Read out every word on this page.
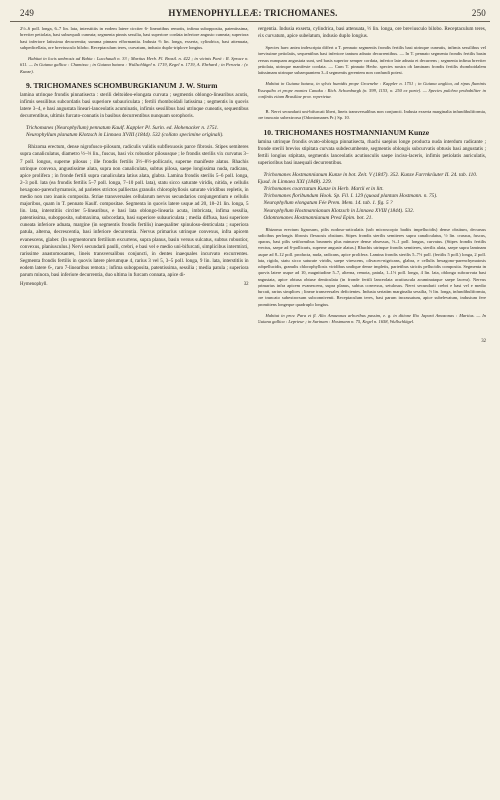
249	HYMENOPHYLLEÆ: TRICHOMANES.	250

2½–6 poll. longa, 6–7 lin. lata, interstitiis in eodem latere circiter 6- lineariibus remotis, infima subopposita, patentissima, breviter petiolata, basi subsequali cuneata; segmenta pinnis sessilia, basi superiore cordata inferiore angusto cuneata; superiora basi inferiore latissima decurrentia; summa pinnam efformantia. Indusia ⅔ lin. longa, exserta, cylindrica, basi attenuata, subpedicellata, ore breviusculo bilobo. Receptaculum teres, curvatum, indusio duplo-triplove longius.

Habitat in locis umbrosis ad Bahia : Lucchaudi n. 33 ; Martius Herb. Fl. Brasil. n. 422 ; in vicinis Pará : R. Spruce n. 611. — In Guiana gallica : Chamisso ; in Guiana batava : Wullschlägel n. 1719, Kegel n. 1719, A. Ehrhard ; in Peruvia : (v. Kunze).

9. TRICHOMANES SCHOMBURGKIANUM J. W. Sturm

lamina utrinque frondis pinnatisecta : sterili deltoideo-elongata curvata ; segmentis oblongo-linearibus acutis, infimis sessilibus subcordatis basi superiore subauriculata ; fertili rhomboidali latissima ; segmentis in quovis latere 3–4, e basi angustata lineari-lanceolatis acuminatis, infimis sessilibus basi utrinque cuneatis, sequentibus decurrentibus, ultimis furcato-connatis in basibus decurrentibus nunquam sorophoris.

Trichomanes (Neurophyllum) pennatum Kaulf. Kappler Pl. Surin. ed. Hohenacker n. 1751.
Neurophyllum planatum Klotzsch in Linnaea XVIII (1844). 532 (collato specimine originali).

Rhizoma erectum, dense nigrofusco-pilosum, radiculis validis subflexuosis parce fibrosis. Stipes semiteres supra canaliculatus, diametro ½–⅔ lin., fuscus, basi vix robustior pilosusque ; le frondis sterilis vix curvatus 3–7 poll. longus, superne pilosus ; ille frondis fertilis 3½–8½-pollicaris, superne manifeste alatus. Rhachis utrinque convexa, angustissime alata, supra non canaliculata, subtus pilosa, saepe longissima nuda, radicans, apice prolifera ; in fronde fertili supra canaliculata latius alata, glabra. Lamina frondis sterilis 5–6 poll. longa, 2–3 poll. lata (ea frondis fertilis 5–7 poll. longa, 7–10 poll. lata), statu sicco saturate viridis, nitida, e cellulis hexagono-parenchymatosis, ad parietes strictos palliectas granulis chlorophyllosis saturate viridibus repletis, in medio non raro inanis composita. Striae transversales cellularum nervos secundarios conjungentium e cellulis majoribus, quam in T. pennato Kaulf. compositae. Segmenta in quovis latere usque ad 20, 18–21 lin. longa, 5 lin. lata, interstitiis circiter 5-linearibus, e basi lata oblongo-linearia acuta, imbricata, infima sessilia, patentissima, subopposita, submaxima, subcordata, basi superiore subauriculata ; media diffusa, basi superiore cuneata inferiore adnata, margine (in segmentis frondis fertilis) inaequaliter spinuloso-denticulata ; superiora patula, alterna, decrescentia, basi inferiore decurrentia. Nervus primarius utrinque convexus, infra apicem evanescens, glaber. (In segmentorum fertilium excurrens, supra planus, basin versus sulcatus, subtus robustior, convexus, planiusculus.) Nervi secundarii paulli, crebri, e basi vel e medio uni-bifurcati, simplicibus intermixti, rarissime anastomosantes, lineis transversalibus conjuncti, in dentes inaequales incurvato excurrentes. Segmenta frondis fertilis in quovis latere plerumque 4, rarius 3 vel 5, 3–5 poll. longa, 9 lin. lata, interstitiis in eodem latere 6-, raro 7-linearibus remota ; infima subopposita, patentissima, sessilia ; media patula ; superiora parum minora, basi inferiore decurrentia, duo ultima in furcam connata, apice di-

Hymenophyll.	32

vergentia. Indusia exserta, cylindrica, basi attenuata, ½ lin. longa, ore breviusculo bilobo. Receptaculum teres, vix curvatum, apice subelatum, indusio duplo longius.

Species haec antea indescripta differt a T. pennato segmentis frondis fertilis basi utrinque cuneatis, infimis sessilibus vel brevissime petiolatis, sequentibus basi inferiore tantum adnato decurrentibus. — In T. pennato segmenta frondis fertilis basin versus nunquam angustata sunt, sed basis superior semper cordata, inferior late adnata et decurrens ; segmenta infima breviter petiolata, utrinque manifeste cordata. — Cum T. pinnato Hedw. species nostra ob laminam frondis fertilis rhomboidalem latissimam utrinque subaequantem 3–4 segmentis gerentem non confundi potest.

Habitat in Guiana batava, in sylvis humidis prope Groenebe : Kappler n. 1751 ; in Guiana anglica, ad ripas fluminis Essequibo et prope montes Canaku : Rich. Schomburgk (n. 599, 1153, n. 250 ex parte). — Species pulchra probabiliter in confiniis etiam Brasiliae prov. reperietur.

B. Nervi secundarii uni-bifurcati liberi, lineis transversalibus non conjuncti. Indusia exserta marginalia infundibuliformia, ore truncato subextrorsa (Odontomanes Pr.) Sp. 10.

10. TRICHOMANES HOSTMANNIANUM Kunze

lamina utrinque frondis ovato-oblonga pinnatisecta, rhachi saepius longe producta nuda interdum radicante ; fronde sterili breviss stipitata curvata subdecumbente, segmentis oblongis subcurvatis obtusis basi angustatis ; fertili longius stipitata, segmentis lanceolatis acutiusculis saepe inciso-laceris, infimis petiolatis auriculatis, superioribus basi inaequali decurrentibus.

Trichomanes Hostmannianum Kunze in bot. Zeit. V (1847). 352. Kunze Farrnkräuter II. 24. tab. 110. Ejusd. in Linnaea XXI (1848). 229.
Trichomanes coarctatum Kunze in Herb. Martii et in litt.
Trichomanes floribundum Hook. Sp. Fil. I. 129 (quoad plantam Hostmann. n. 75).
Neurophyllum elongatum Fée Prem. Mem. 14. tab. 1. fig. 5 ?
Neurophyllum Hostmannianum Klotzsch in Linnaea XVIII (1844). 532.
Odontomanes Hostmannianum Presl Epim. bot. 21.

Rhizoma erectum lignosum, pilis nodoso-articulatis (sub microscopio badiis impellucidis) dense obsitum, decursus radicibus perlongis fibrosis flexuosis obsitum. Stipes frondis sterilis semiteres supra canaliculatus, ½ lin. crassus, fuscus, opacus, basi pilis setiformibus brunneis plus minusve dense obsessus, ½–1 poll. longus, curvatus. (Stipes frondis fertilis erectus, saepe ad 6-pollicaris, superne anguste alatus.) Rhachis utrinque frondis semiteres, sterilis alata, saepe supra laminam usque ad 8–12 poll. producta, nuda, radicans, apice prolifera. Lamina frondis sterilis 5–7½ poll. (fertilis 5 poll.) longa, 2 poll. lata, rigida, statu sicco saturate viridis, saepe virescens, olivaceo-nigricans, glabra, e cellulis hexagono-parenchymatosis subpellucidis, granulis chlorophyllosis viridibus undique dense impletis, parietibus strictis pellucidis composita. Segmenta in quovis latere usque ad 10, magnitudine 5–7, alterna, remota, patula, 1–1½ poll. longa, 4 lin. lata, oblonga subcurvata basi angustata, apice obtusa obtuse denticulata (in fronde fertili lanceolata acutiuscula acuminataque saepe lacera). Nervus primarius infra apicem evanescens, supra planus, subtus convexus, setulosus. Nervi secundarii crebri e basi vel e medio furcati, rarius simplices ; lineae transversales deficientes. Indusia seriatim marginalia sessilia, ½ lin. longa, infundibuliformia, ore truncato subextrorsum subconniventi. Receptaculum teres, basi parum incrassatum, apice subelevatum, indusium fere promittens longeque quadruplo longius.

Habitat in prov. Para et fl. Alto Amazonas arboribus passim, e. g. in ditione Rio Japurá Amazonas : Martius. — In Guiana gallica : Leprieur ; in Surinam : Hostmann n. 75, Kegel n. 1658, Wullschlägel.

32
